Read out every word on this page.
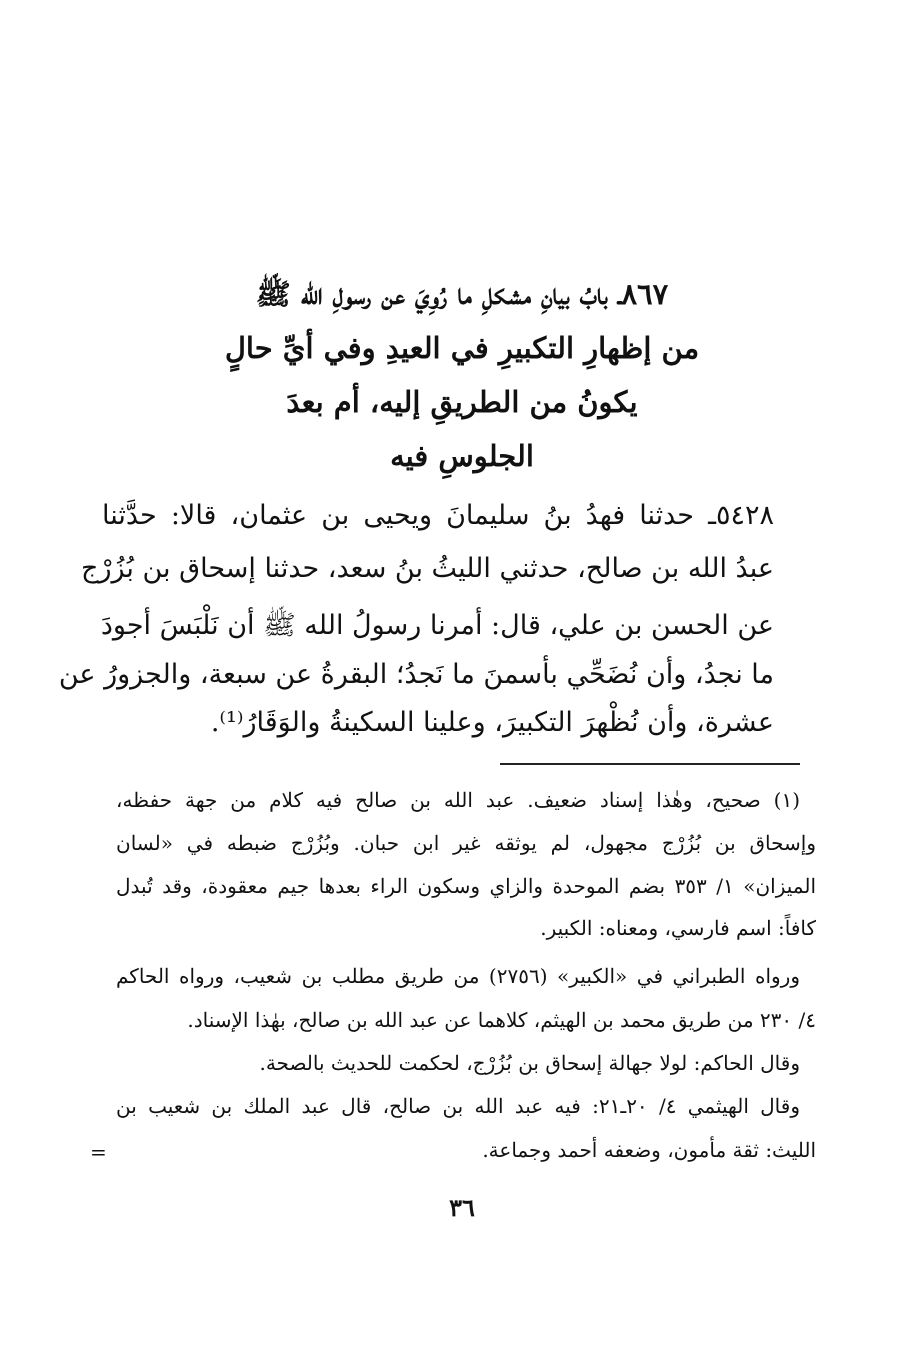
٨٦٧ـ بابُ بيانِ مشكلِ ما رُوِيَ عن رسولِ الله ﷺ
من إظهارِ التكبيرِ في العيدِ وفي أيِّ حالٍ
يكونُ من الطريقِ إليه، أم بعدَ
الجلوسِ فيه
٥٤٢٨ـ حدثنا فهدُ بنُ سليمانَ ويحيى بن عثمان، قالا: حدَّثنا
عبدُ الله بن صالح، حدثني الليثُ بنُ سعد، حدثنا إسحاق بن بُزُرْج
عن الحسن بن علي، قال: أمرنا رسولُ الله ﷺ أن نَلْبَسَ أجودَ
ما نجدُ، وأن نُضَحِّي بأسمنَ ما نَجدُ؛ البقرةُ عن سبعة، والجزورُ عن
عشرة، وأن نُظْهرَ التكبيرَ، وعلينا السكينةُ والوَقَارُ⁽¹⁾.
(١) صحيح، وهٰذا إسناد ضعيف. عبد الله بن صالح فيه كلام من جهة حفظه،
وإسحاق بن بُزُرْج مجهول، لم يوثقه غير ابن حبان. وبُزُرْج ضبطه في «لسان
الميزان» ١/ ٣٥٣ بضم الموحدة والزاي وسكون الراء بعدها جيم معقودة، وقد تُبدل
كافاً: اسم فارسي، ومعناه: الكبير.
ورواه الطبراني في «الكبير» (٢٧٥٦) من طريق مطلب بن شعيب، ورواه الحاكم
٤/ ٢٣٠ من طريق محمد بن الهيثم، كلاهما عن عبد الله بن صالح، بهٰذا الإسناد.
وقال الحاكم: لولا جهالة إسحاق بن بُزُرْج، لحكمت للحديث بالصحة.
وقال الهيثمي ٤/ ٢٠ـ٢١: فيه عبد الله بن صالح، قال عبد الملك بن شعيب بن
الليث: ثقة مأمون، وضعفه أحمد وجماعة.
=
٣٦
